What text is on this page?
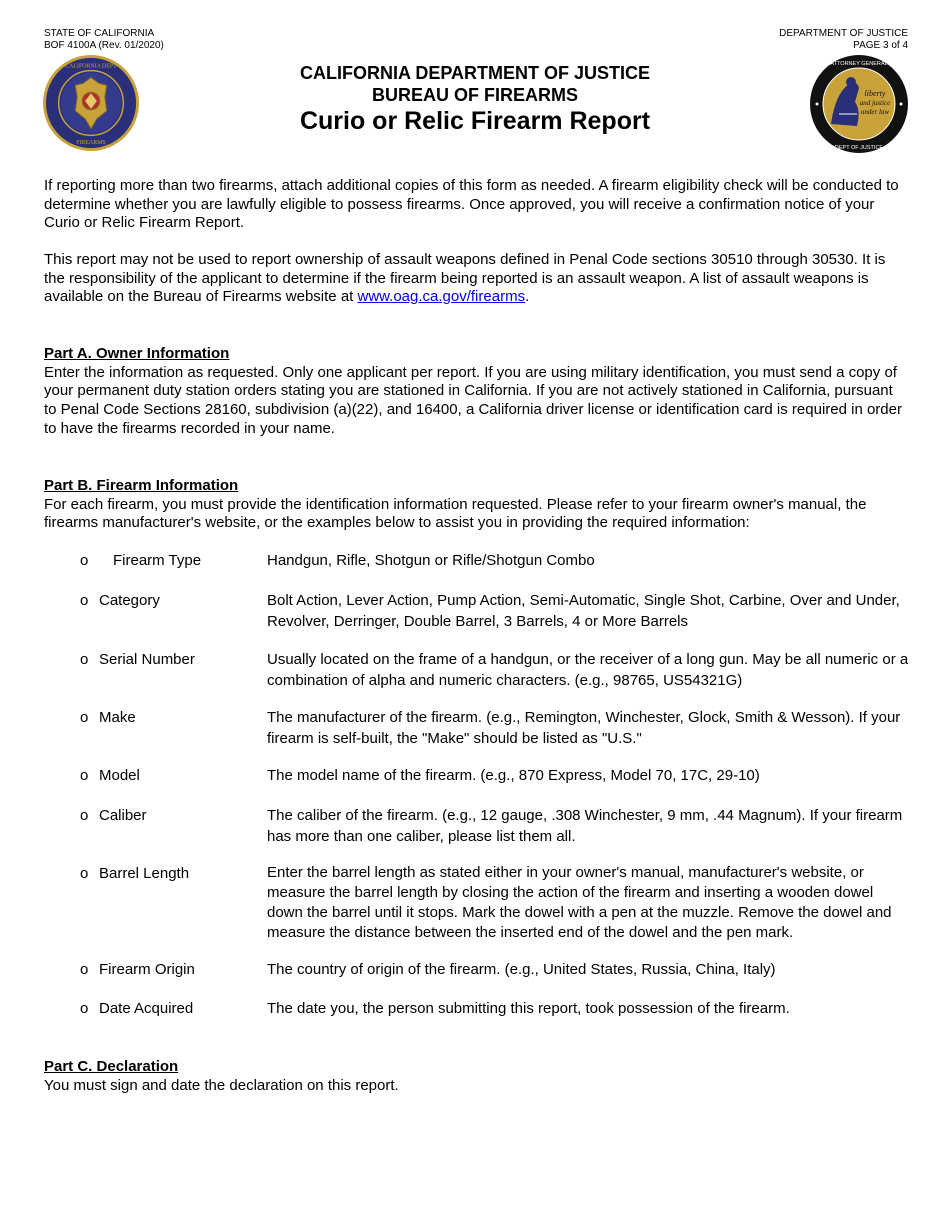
STATE OF CALIFORNIA
BOF 4100A (Rev. 01/2020)
DEPARTMENT OF JUSTICE
PAGE 3 of 4
CALIFORNIA DEPT
FIREARMS
CALIFORNIA DEPARTMENT OF JUSTICE
BUREAU OF FIREARMS
Curio or Relic Firearm Report
liberty
and justice
under law
ATTORNEY GENERAL
DEPT OF JUSTICE

If reporting more than two firearms, attach additional copies of this form as needed. A firearm eligibility check will be conducted to determine whether you are lawfully eligible to possess firearms. Once approved, you will receive a confirmation notice of your Curio or Relic Firearm Report.

This report may not be used to report ownership of assault weapons defined in Penal Code sections 30510 through 30530. It is the responsibility of the applicant to determine if the firearm being reported is an assault weapon. A list of assault weapons is available on the Bureau of Firearms website at www.oag.ca.gov/firearms.

Part A. Owner Information
Enter the information as requested. Only one applicant per report. If you are using military identification, you must send a copy of your permanent duty station orders stating you are stationed in California. If you are not actively stationed in California, pursuant to Penal Code Sections 28160, subdivision (a)(22), and 16400, a California driver license or identification card is required in order to have the firearms recorded in your name.
Part B. Firearm Information
For each firearm, you must provide the identification information requested. Please refer to your firearm owner's manual, the firearms manufacturer's website, or the examples below to assist you in providing the required information:
o Firearm Type	Handgun, Rifle, Shotgun or Rifle/Shotgun Combo
o Category	Bolt Action, Lever Action, Pump Action, Semi-Automatic, Single Shot, Carbine, Over and Under, Revolver, Derringer, Double Barrel, 3 Barrels, 4 or More Barrels
o Serial Number	Usually located on the frame of a handgun, or the receiver of a long gun. May be all numeric or a combination of alpha and numeric characters. (e.g., 98765, US54321G)
o Make	The manufacturer of the firearm. (e.g., Remington, Winchester, Glock, Smith & Wesson). If your firearm is self-built, the "Make" should be listed as "U.S."
o Model	The model name of the firearm. (e.g., 870 Express, Model 70, 17C, 29-10)
o Caliber	The caliber of the firearm. (e.g., 12 gauge, .308 Winchester, 9 mm, .44 Magnum). If your firearm has more than one caliber, please list them all.
o Barrel Length	Enter the barrel length as stated either in your owner's manual, manufacturer's website, or measure the barrel length by closing the action of the firearm and inserting a wooden dowel down the barrel until it stops. Mark the dowel with a pen at the muzzle. Remove the dowel and measure the distance between the inserted end of the dowel and the pen mark.
o Firearm Origin	The country of origin of the firearm. (e.g., United States, Russia, China, Italy)
o Date Acquired	The date you, the person submitting this report, took possession of the firearm.
Part C. Declaration
You must sign and date the declaration on this report.
